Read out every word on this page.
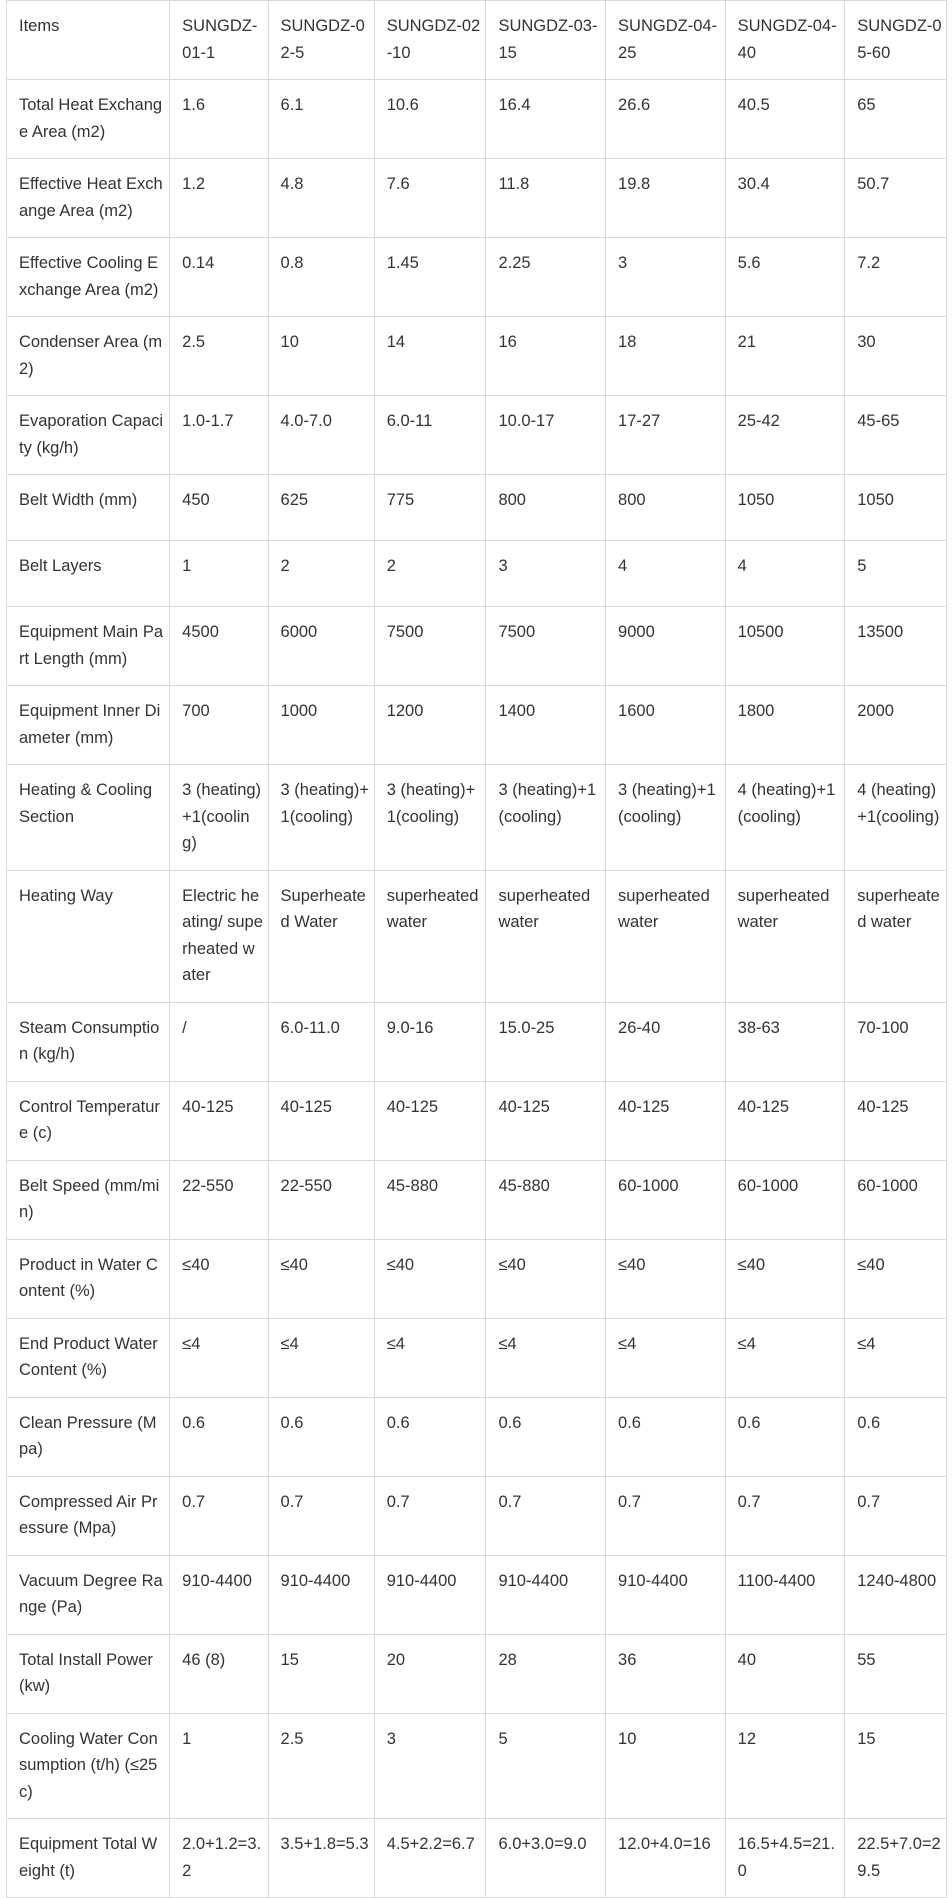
Items	SUNGDZ-01-1	SUNGDZ-02-5	SUNGDZ-02-10	SUNGDZ-03-15	SUNGDZ-04-25	SUNGDZ-04-40	SUNGDZ-05-60
Total Heat Exchange Area (m2)	1.6	6.1	10.6	16.4	26.6	40.5	65
Effective Heat Exchange Area (m2)	1.2	4.8	7.6	11.8	19.8	30.4	50.7
Effective Cooling Exchange Area (m2)	0.14	0.8	1.45	2.25	3	5.6	7.2
Condenser Area (m2)	2.5	10	14	16	18	21	30
Evaporation Capacity (kg/h)	1.0-1.7	4.0-7.0	6.0-11	10.0-17	17-27	25-42	45-65
Belt Width (mm)	450	625	775	800	800	1050	1050
Belt Layers	1	2	2	3	4	4	5
Equipment Main Part Length (mm)	4500	6000	7500	7500	9000	10500	13500
Equipment Inner Diameter (mm)	700	1000	1200	1400	1600	1800	2000
Heating & Cooling Section	3 (heating)+1(cooling)	3 (heating)+1(cooling)	3 (heating)+1(cooling)	3 (heating)+1(cooling)	3 (heating)+1(cooling)	4 (heating)+1(cooling)	4 (heating)+1(cooling)
Heating Way	Electric heating/ superheated water	Superheated Water	superheated water	superheated water	superheated water	superheated water	superheated water
Steam Consumption (kg/h)	/	6.0-11.0	9.0-16	15.0-25	26-40	38-63	70-100
Control Temperature (c)	40-125	40-125	40-125	40-125	40-125	40-125	40-125
Belt Speed (mm/min)	22-550	22-550	45-880	45-880	60-1000	60-1000	60-1000
Product in Water Content (%)	≤40	≤40	≤40	≤40	≤40	≤40	≤40
End Product Water Content (%)	≤4	≤4	≤4	≤4	≤4	≤4	≤4
Clean Pressure (Mpa)	0.6	0.6	0.6	0.6	0.6	0.6	0.6
Compressed Air Pressure (Mpa)	0.7	0.7	0.7	0.7	0.7	0.7	0.7
Vacuum Degree Range (Pa)	910-4400	910-4400	910-4400	910-4400	910-4400	1100-4400	1240-4800
Total Install Power (kw)	46 (8)	15	20	28	36	40	55
Cooling Water Consumption (t/h) (≤25c)	1	2.5	3	5	10	12	15
Equipment Total Weight (t)	2.0+1.2=3.2	3.5+1.8=5.3	4.5+2.2=6.7	6.0+3.0=9.0	12.0+4.0=16	16.5+4.5=21.0	22.5+7.0=29.5
